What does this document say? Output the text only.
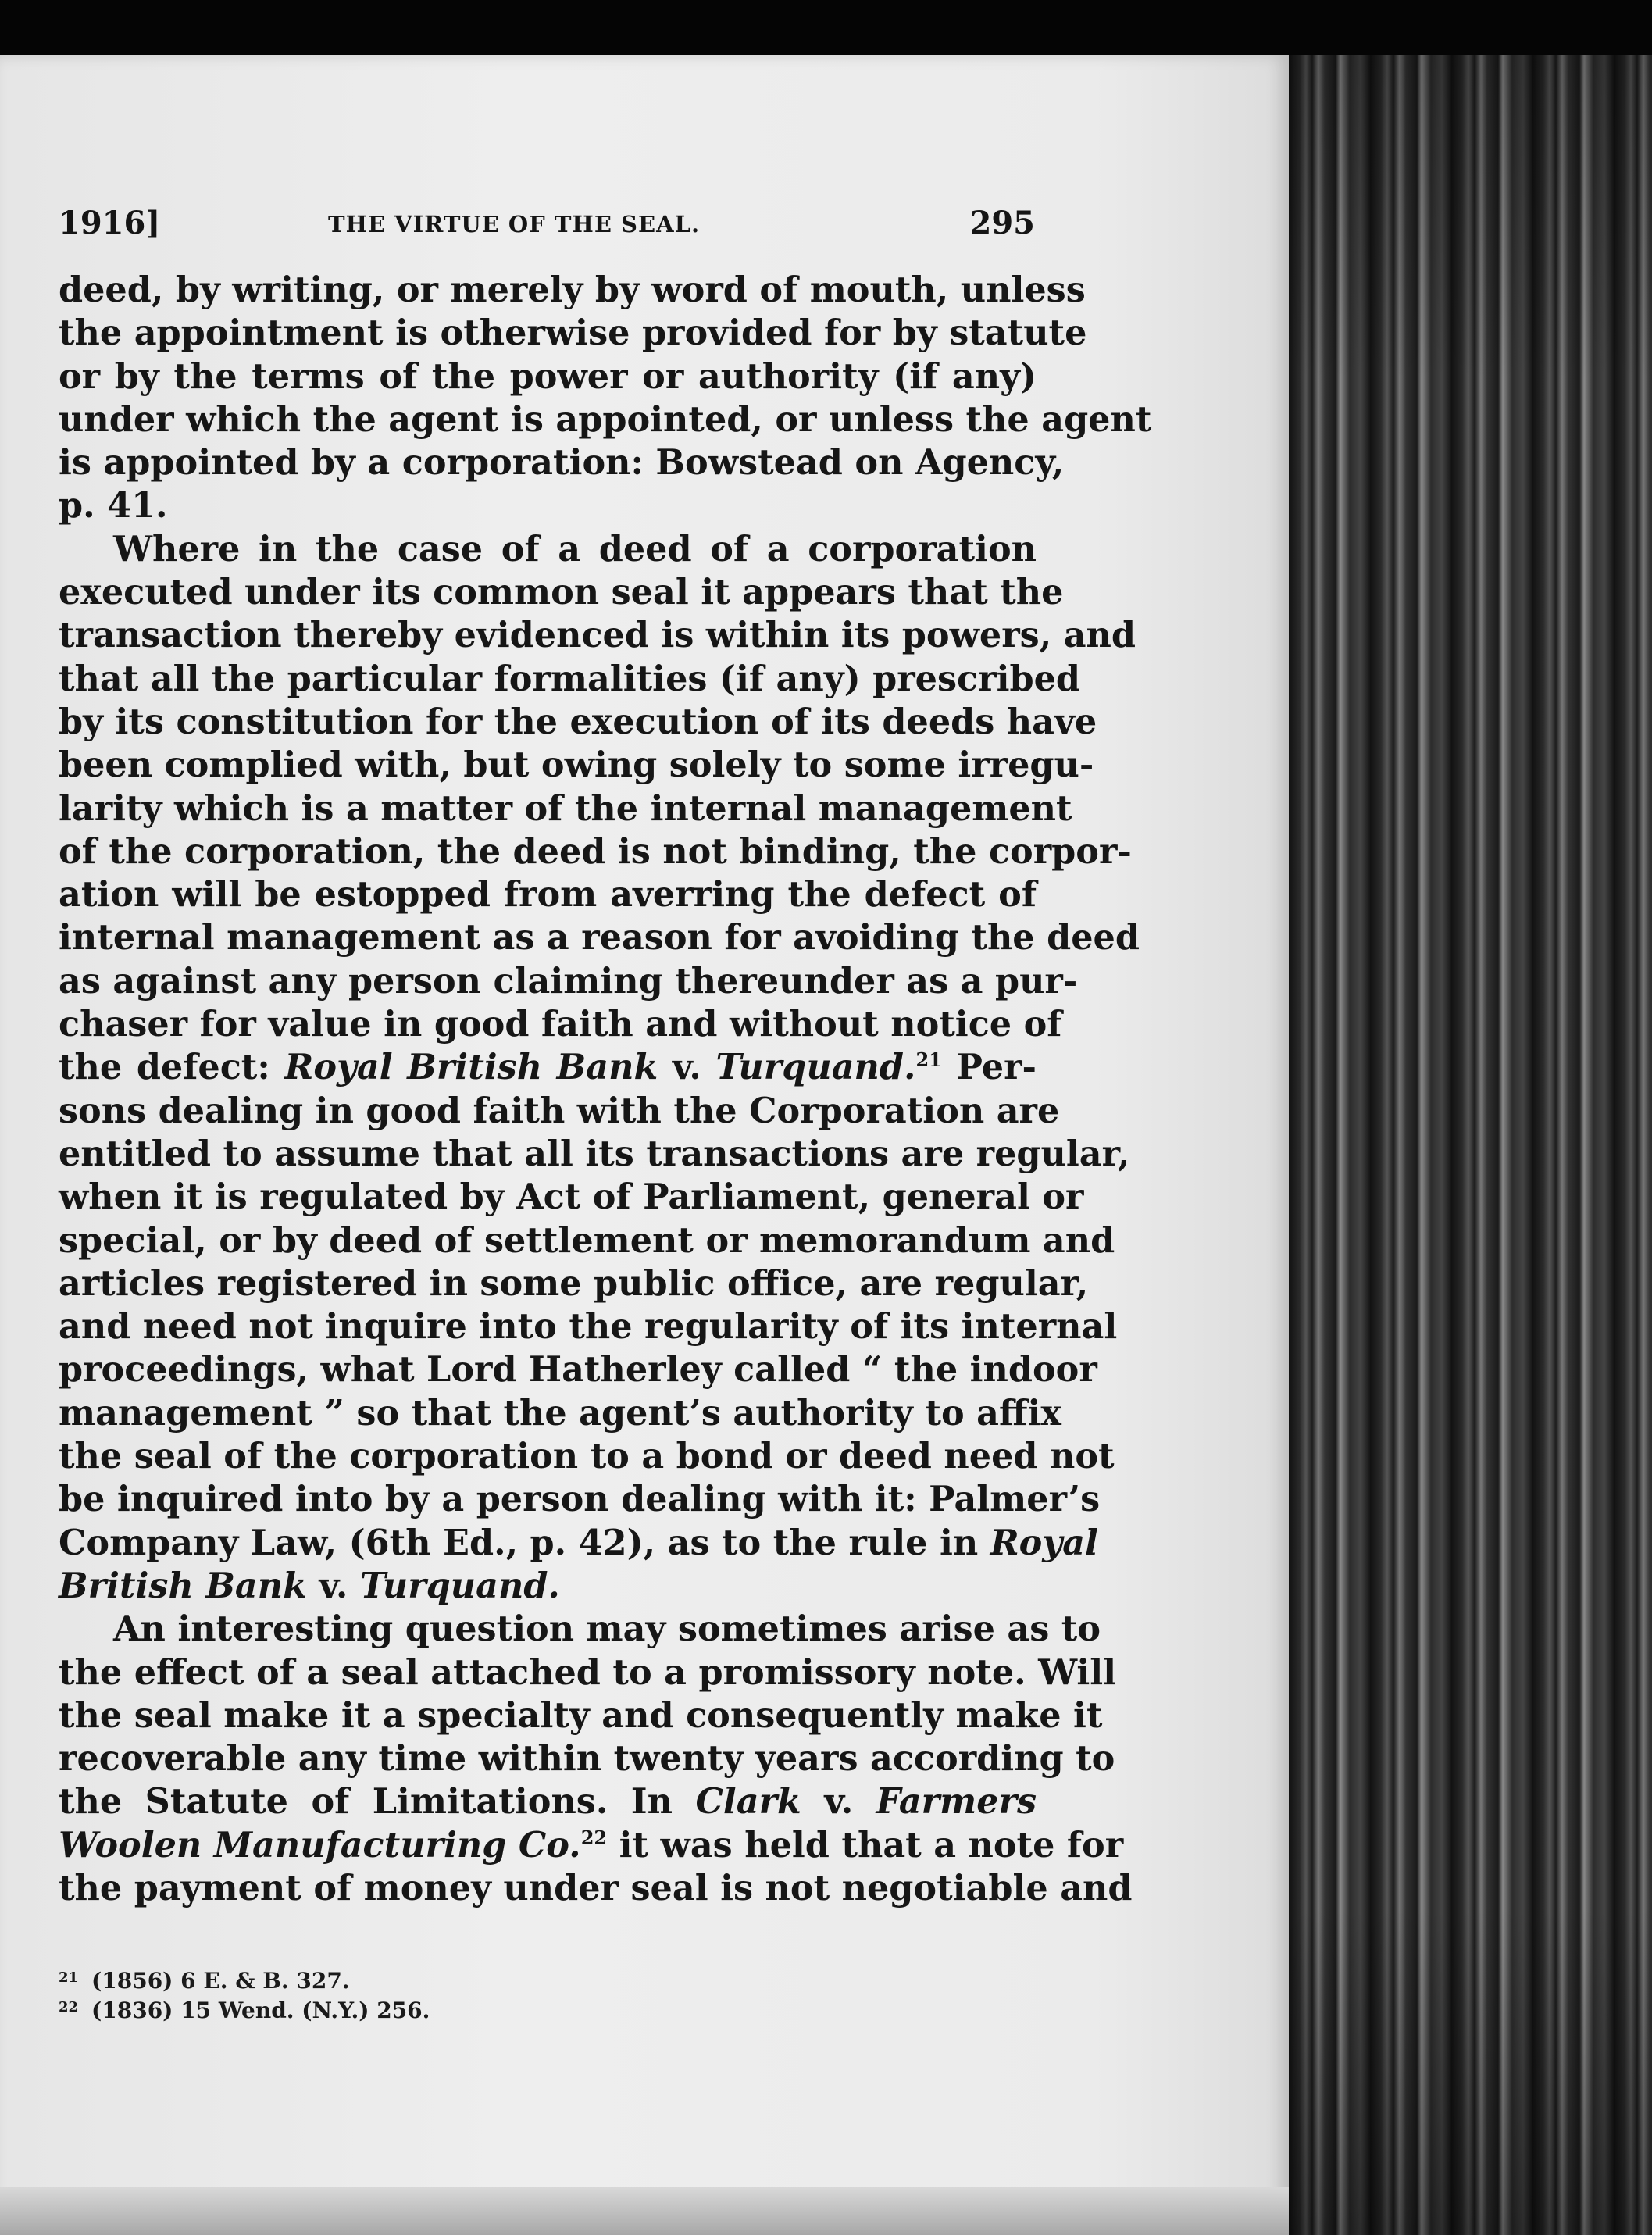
1916]	THE VIRTUE OF THE SEAL.	295

deed, by writing, or merely by word of mouth, unless
the appointment is otherwise provided for by statute
or by the terms of the power or authority (if any)
under which the agent is appointed, or unless the agent
is appointed by a corporation: Bowstead on Agency,
p. 41.

Where in the case of a deed of a corporation
executed under its common seal it appears that the
transaction thereby evidenced is within its powers, and
that all the particular formalities (if any) prescribed
by its constitution for the execution of its deeds have
been complied with, but owing solely to some irregu-
larity which is a matter of the internal management
of the corporation, the deed is not binding, the corpor-
ation will be estopped from averring the defect of
internal management as a reason for avoiding the deed
as against any person claiming thereunder as a pur-
chaser for value in good faith and without notice of
the defect: Royal British Bank v. Turquand.$^{21}$ Per-
sons dealing in good faith with the Corporation are
entitled to assume that all its transactions are regular,
when it is regulated by Act of Parliament, general or
special, or by deed of settlement or memorandum and
articles registered in some public office, are regular,
and need not inquire into the regularity of its internal
proceedings, what Lord Hatherley called “ the indoor
management ” so that the agent’s authority to affix
the seal of the corporation to a bond or deed need not
be inquired into by a person dealing with it: Palmer’s
Company Law, (6th Ed., p. 42), as to the rule in Royal
British Bank v. Turquand.

An interesting question may sometimes arise as to
the effect of a seal attached to a promissory note. Will
the seal make it a specialty and consequently make it
recoverable any time within twenty years according to
the Statute of Limitations. In Clark v. Farmers
Woolen Manufacturing Co.$^{22}$ it was held that a note for
the payment of money under seal is not negotiable and

21 (1856) 6 E. & B. 327.
22 (1836) 15 Wend. (N.Y.) 256.
